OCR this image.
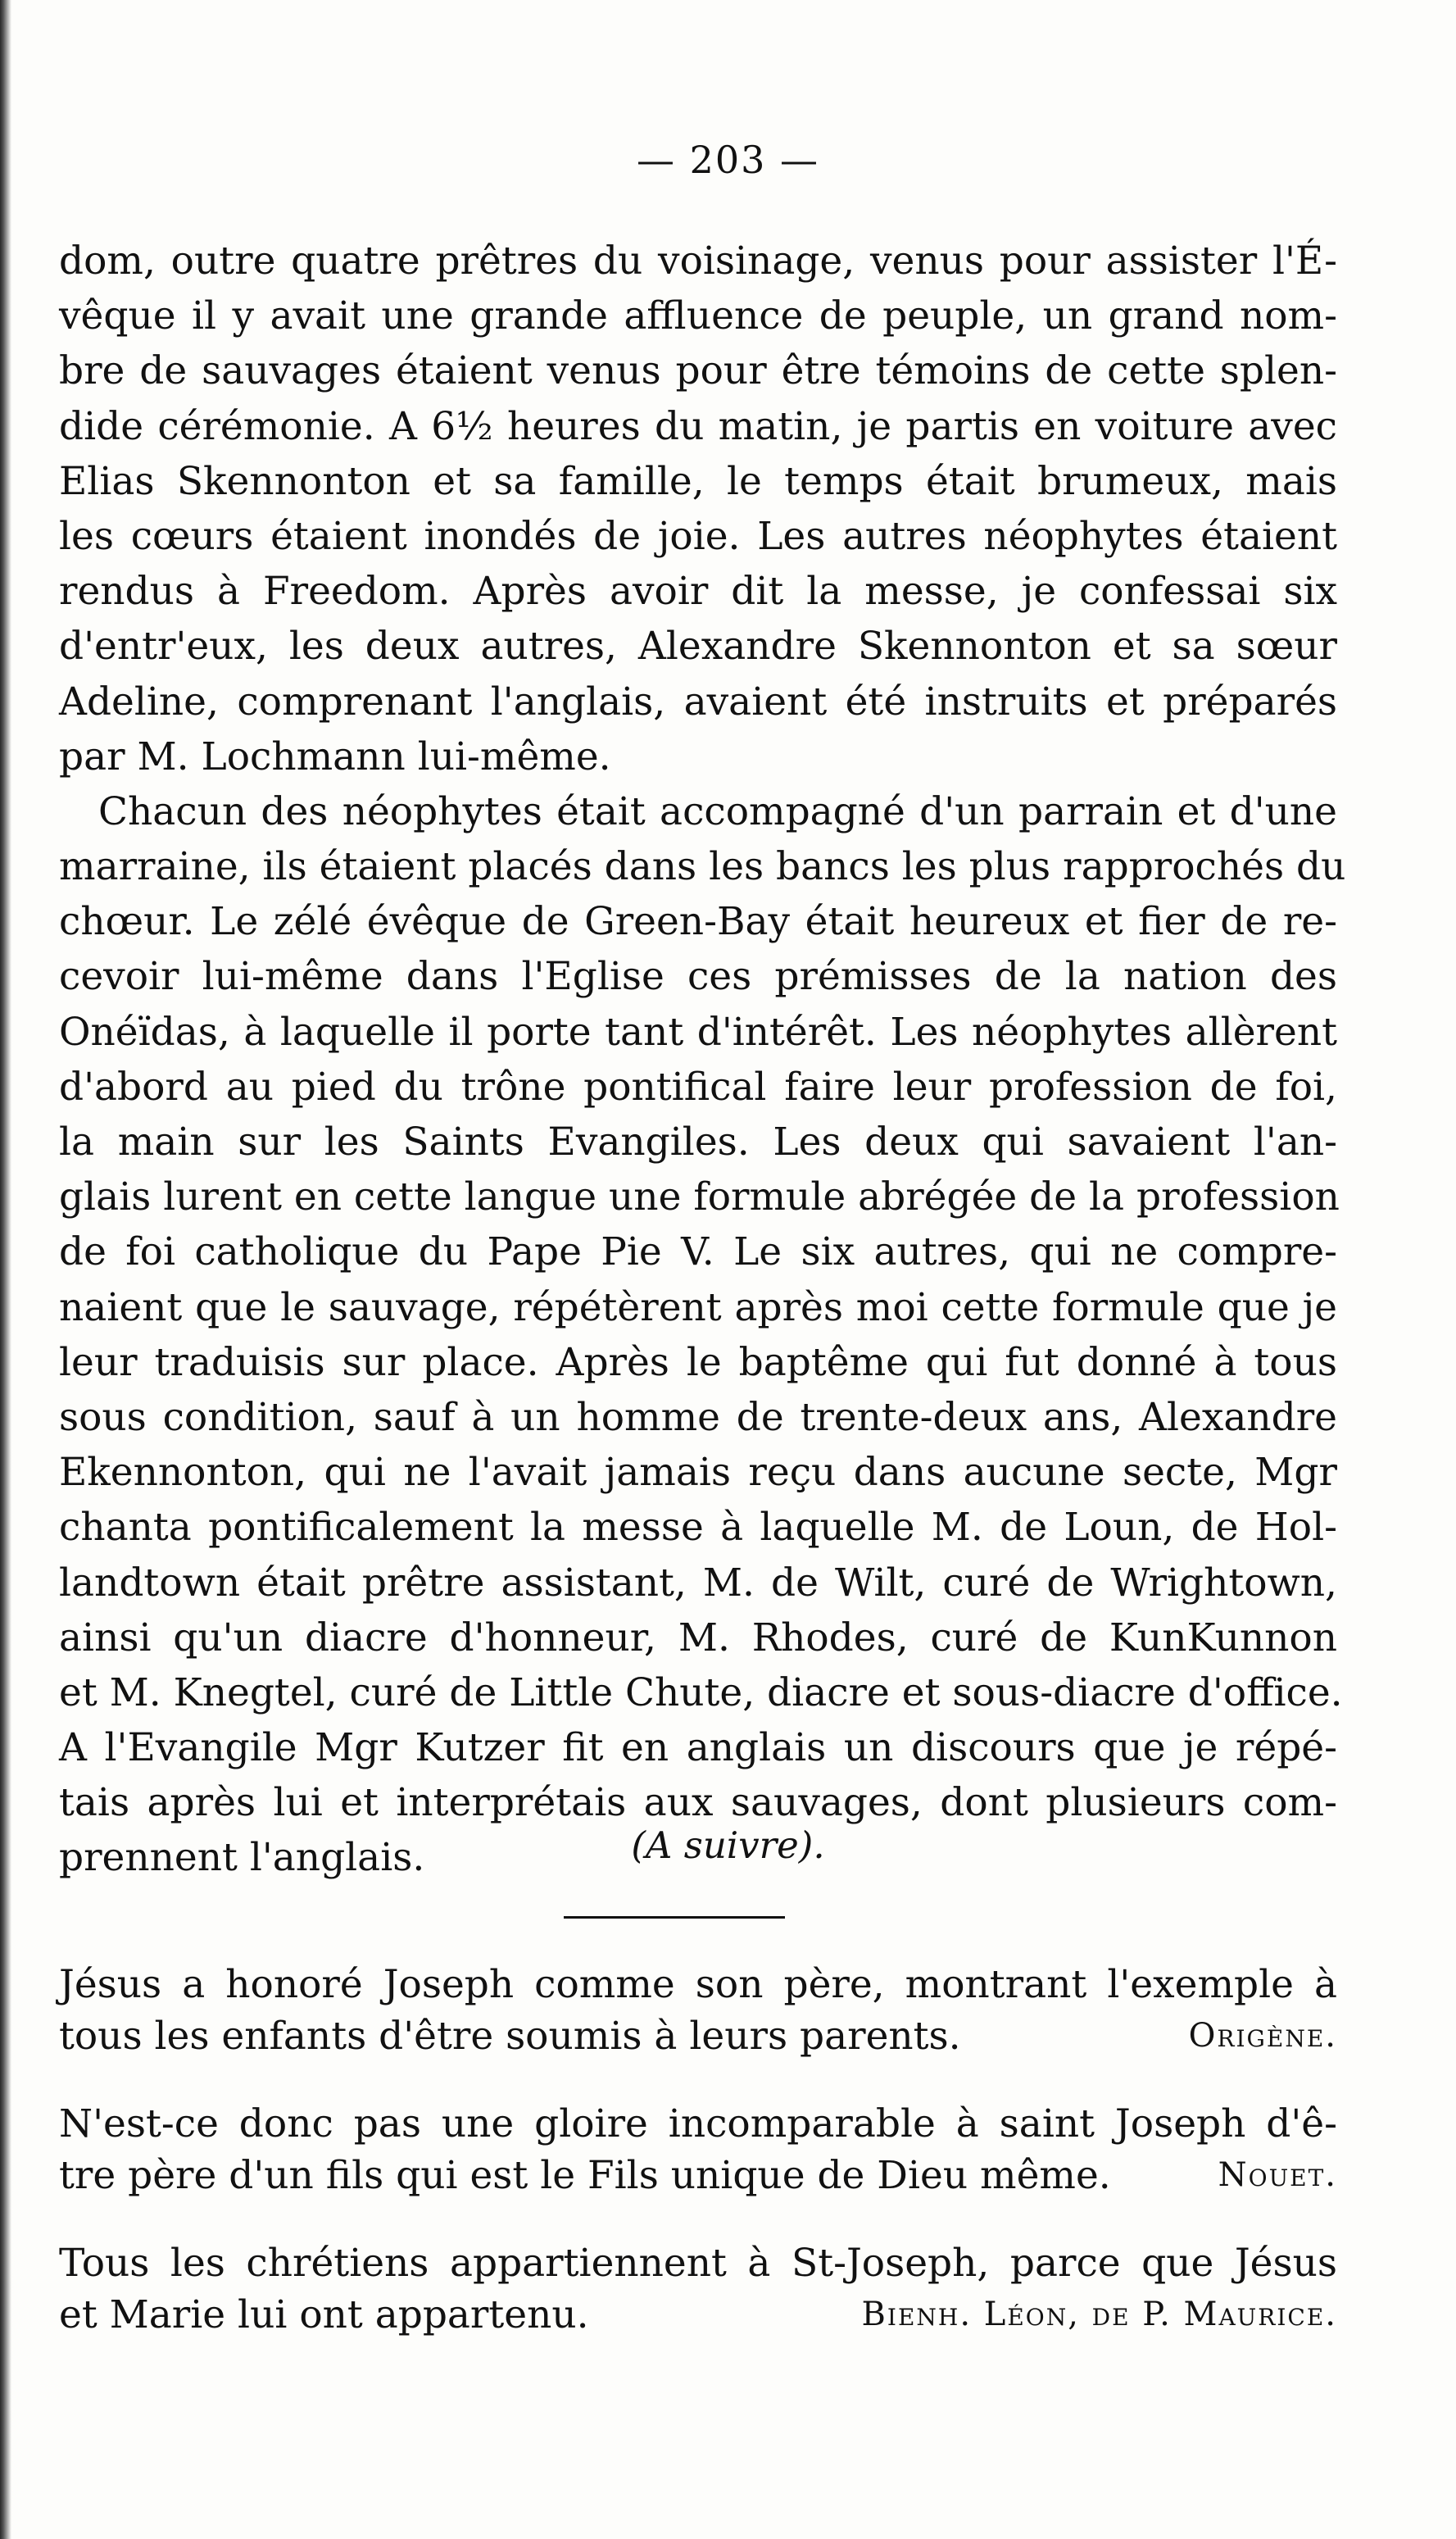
— 203 —
dom, outre quatre prêtres du voisinage, venus pour assister l'É-
vêque il y avait une grande affluence de peuple, un grand nom-
bre de sauvages étaient venus pour être témoins de cette splen-
dide cérémonie. A 6½ heures du matin, je partis en voiture avec
Elias Skennonton et sa famille, le temps était brumeux, mais
les cœurs étaient inondés de joie. Les autres néophytes étaient
rendus à Freedom. Après avoir dit la messe, je confessai six
d'entr'eux, les deux autres, Alexandre Skennonton et sa sœur
Adeline, comprenant l'anglais, avaient été instruits et préparés
par M. Lochmann lui-même.
Chacun des néophytes était accompagné d'un parrain et d'une
marraine, ils étaient placés dans les bancs les plus rapprochés du
chœur. Le zélé évêque de Green-Bay était heureux et fier de re-
cevoir lui-même dans l'Eglise ces prémisses de la nation des
Onéïdas, à laquelle il porte tant d'intérêt. Les néophytes allèrent
d'abord au pied du trône pontifical faire leur profession de foi,
la main sur les Saints Evangiles. Les deux qui savaient l'an-
glais lurent en cette langue une formule abrégée de la profession
de foi catholique du Pape Pie V. Le six autres, qui ne compre-
naient que le sauvage, répétèrent après moi cette formule que je
leur traduisis sur place. Après le baptême qui fut donné à tous
sous condition, sauf à un homme de trente-deux ans, Alexandre
Ekennonton, qui ne l'avait jamais reçu dans aucune secte, Mgr
chanta pontificalement la messe à laquelle M. de Loun, de Hol-
landtown était prêtre assistant, M. de Wilt, curé de Wrightown,
ainsi qu'un diacre d'honneur, M. Rhodes, curé de KunKunnon
et M. Knegtel, curé de Little Chute, diacre et sous-diacre d'office.
A l'Evangile Mgr Kutzer fit en anglais un discours que je répé-
tais après lui et interprétais aux sauvages, dont plusieurs com-
prennent l'anglais.	(A suivre).
Jésus a honoré Joseph comme son père, montrant l'exemple à
tous les enfants d'être soumis à leurs parents.	Origène.
N'est-ce donc pas une gloire incomparable à saint Joseph d'ê-
tre père d'un fils qui est le Fils unique de Dieu même.	Nouet.
Tous les chrétiens appartiennent à St-Joseph, parce que Jésus
et Marie lui ont appartenu.	Bienh. Léon, de P. Maurice.
